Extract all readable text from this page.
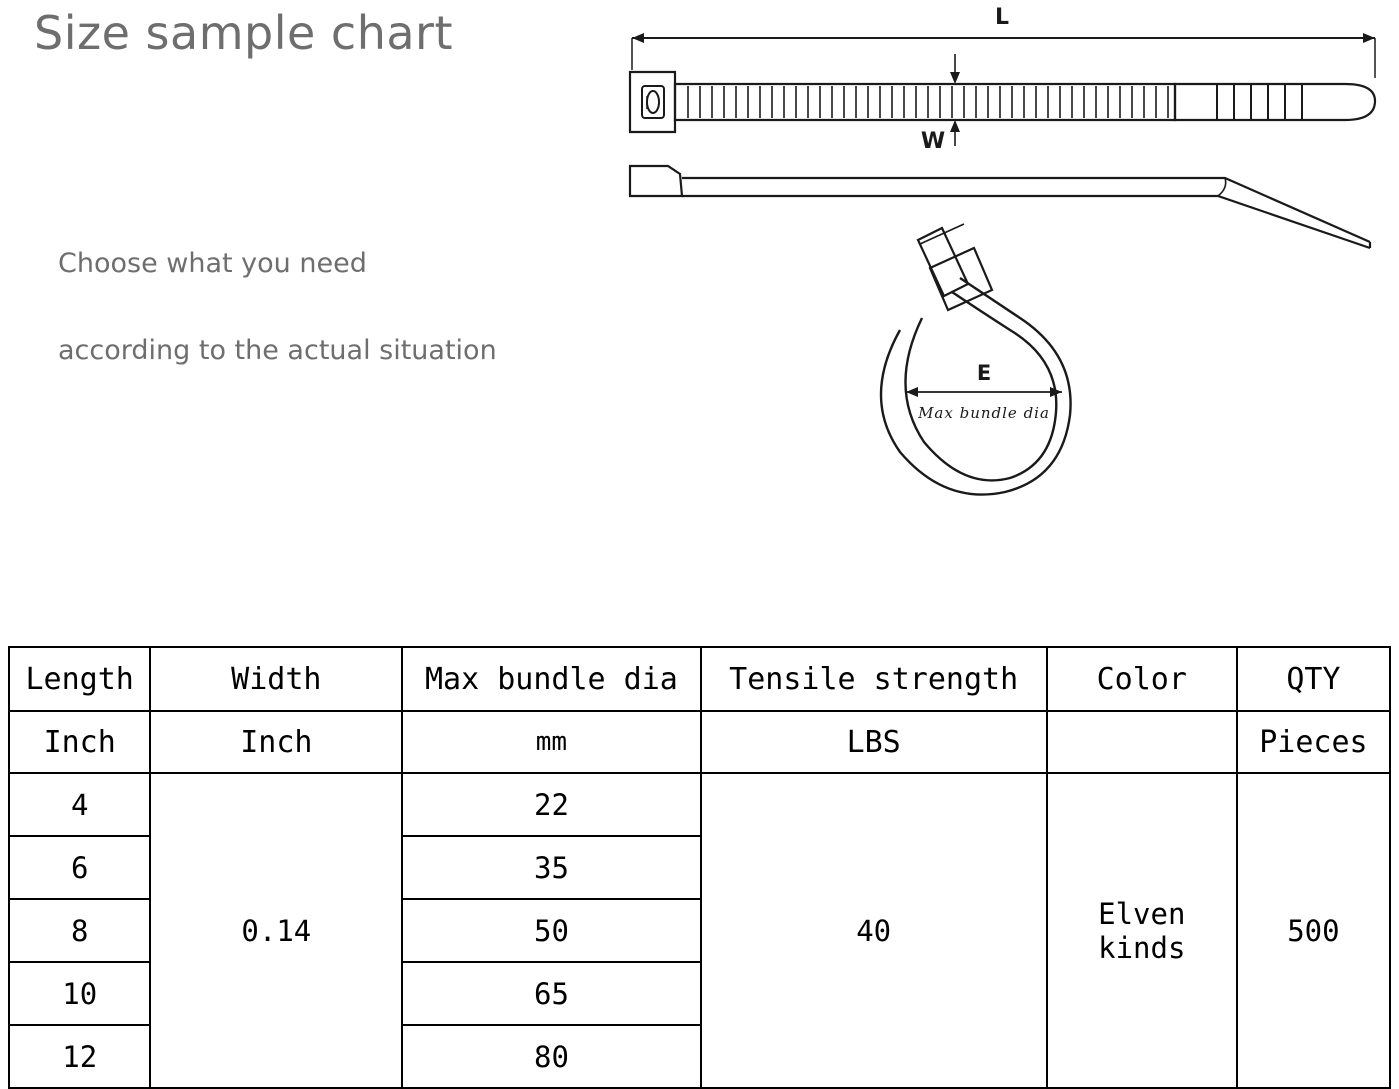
Size sample chart
Choose what you need
according to the actual situation
L
W
E
Max bundle dia
Length	Width	Max bundle dia	Tensile strength	Color	QTY
Inch	Inch	mm	LBS		Pieces
4	0.14	22	40	Elven kinds	500
6		35			
8		50			
10		65			
12		80			
